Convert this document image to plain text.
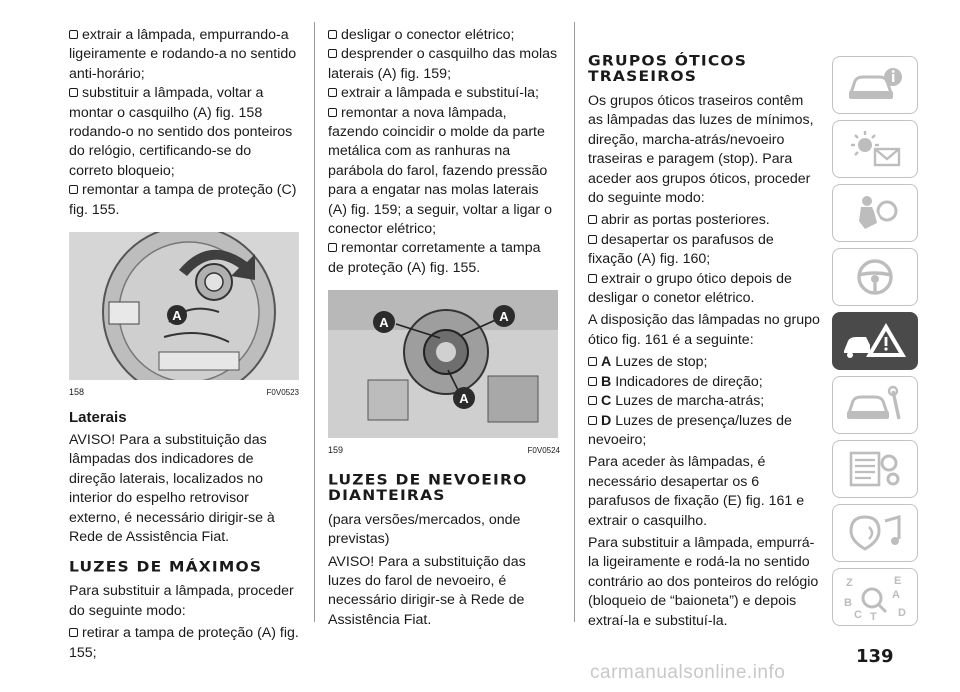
extrair a lâmpada, empurrando-a ligeiramente e rodando-a no sentido anti-horário;
substituir a lâmpada, voltar a montar o casquilho (A) fig. 158 rodando-o no sentido dos ponteiros do relógio, certificando-se do correto bloqueio;
remontar a tampa de proteção (C) fig. 155.
A
158	F0V0523

Laterais

AVISO! Para a substituição das lâmpadas dos indicadores de direção laterais, localizados no interior do espelho retrovisor externo, é necessário dirigir-se à Rede de Assistência Fiat.

LUZES DE MÁXIMOS

Para substituir a lâmpada, proceder do seguinte modo:

retirar a tampa de proteção (A) fig. 155;
desligar o conector elétrico;
desprender o casquilho das molas laterais (A) fig. 159;
extrair a lâmpada e substituí-la;
remontar a nova lâmpada, fazendo coincidir o molde da parte metálica com as ranhuras na parábola do farol, fazendo pressão para a engatar nas molas laterais (A) fig. 159; a seguir, voltar a ligar o conector elétrico;
remontar corretamente a tampa de proteção (A) fig. 155.
A	A
A
159	F0V0524
LUZES DE NEVOEIRO DIANTEIRAS

(para versões/mercados, onde previstas)

AVISO! Para a substituição das luzes do farol de nevoeiro, é necessário dirigir-se à Rede de Assistência Fiat.

GRUPOS ÓTICOS TRASEIROS

Os grupos óticos traseiros contêm as lâmpadas das luzes de mínimos, direção, marcha-atrás/nevoeiro traseiras e paragem (stop). Para aceder aos grupos óticos, proceder do seguinte modo:

abrir as portas posteriores.
desapertar os parafusos de fixação (A) fig. 160;
extrair o grupo ótico depois de desligar o conetor elétrico.

A disposição das lâmpadas no grupo ótico fig. 161 é a seguinte:

A Luzes de stop;
B Indicadores de direção;
C Luzes de marcha-atrás;
D Luzes de presença/luzes de nevoeiro;

Para aceder às lâmpadas, é necessário desapertar os 6 parafusos de fixação (E) fig. 161 e extrair o casquilho.

Para substituir a lâmpada, empurrá-la ligeiramente e rodá-la no sentido contrário ao dos ponteiros do relógio (bloqueio de “baioneta”) e depois extraí-la e substituí-la.

Z	E
A
B
C T D
139
carmanualsonline.info
